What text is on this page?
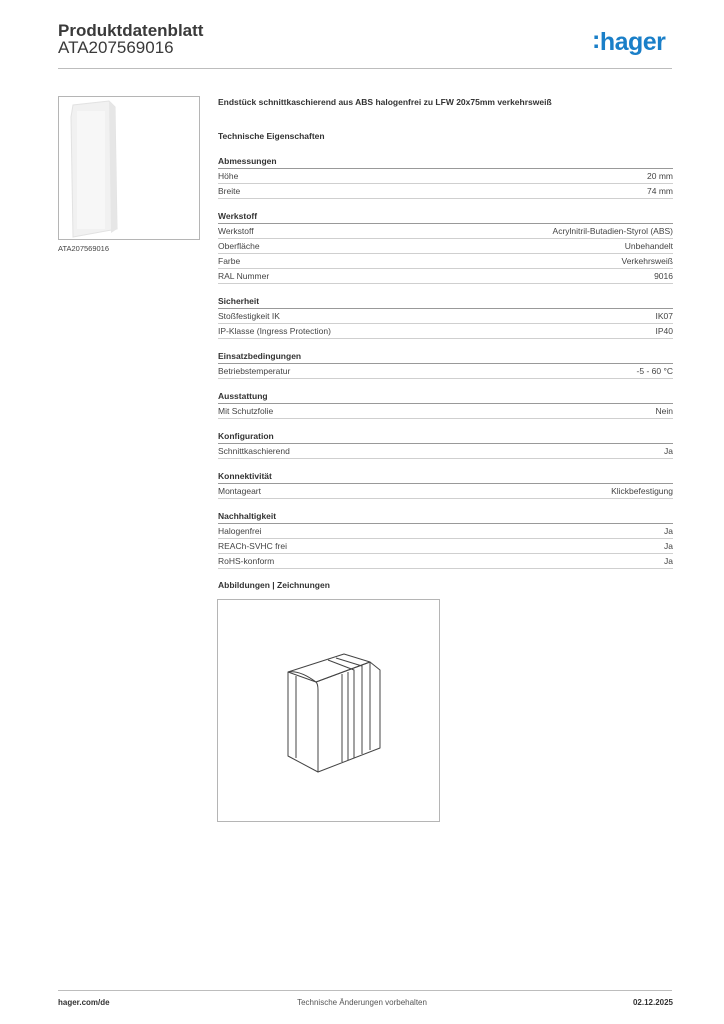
Produktdatenblatt
ATA207569016	:hager
ATA207569016
Endstück schnittkaschierend aus ABS halogenfrei zu LFW 20x75mm verkehrsweiß
Technische Eigenschaften
Abmessungen
Höhe	20 mm
Breite	74 mm
Werkstoff
Werkstoff	Acrylnitril-Butadien-Styrol (ABS)
Oberfläche	Unbehandelt
Farbe	Verkehrsweiß
RAL Nummer	9016
Sicherheit
Stoßfestigkeit IK	IK07
IP-Klasse (Ingress Protection)	IP40
Einsatzbedingungen
Betriebstemperatur	-5 - 60 °C
Ausstattung
Mit Schutzfolie	Nein
Konfiguration
Schnittkaschierend	Ja
Konnektivität
Montageart	Klickbefestigung
Nachhaltigkeit
Halogenfrei	Ja
REACh-SVHC frei	Ja
RoHS-konform	Ja
Abbildungen | Zeichnungen
hager.com/de	Technische Änderungen vorbehalten	02.12.2025
